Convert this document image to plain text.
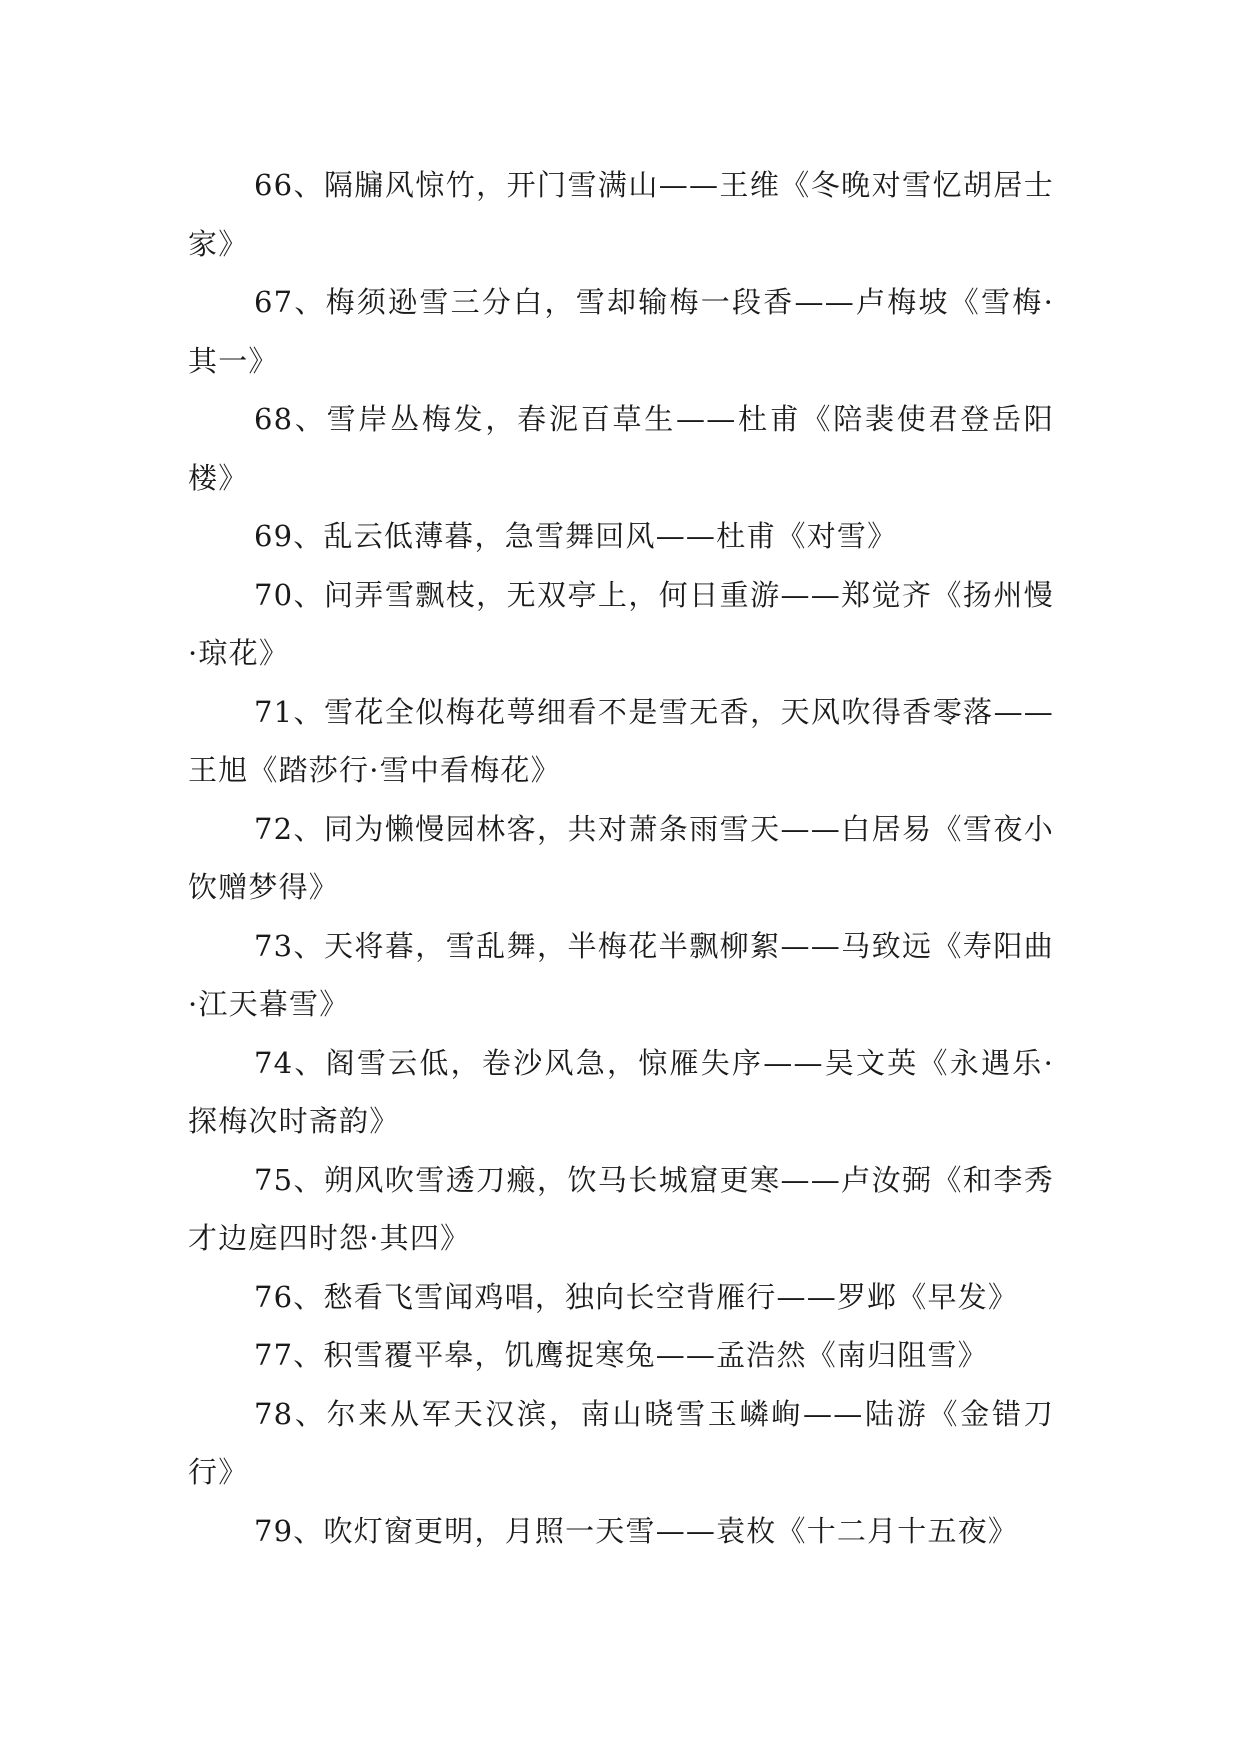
66、隔牖风惊竹，开门雪满山——王维《冬晚对雪忆胡居士家》

67、梅须逊雪三分白，雪却输梅一段香——卢梅坡《雪梅·其一》

68、雪岸丛梅发，春泥百草生——杜甫《陪裴使君登岳阳楼》

69、乱云低薄暮，急雪舞回风——杜甫《对雪》

70、问弄雪飘枝，无双亭上，何日重游——郑觉齐《扬州慢·琼花》

71、雪花全似梅花萼细看不是雪无香，天风吹得香零落——王旭《踏莎行·雪中看梅花》

72、同为懒慢园林客，共对萧条雨雪天——白居易《雪夜小饮赠梦得》

73、天将暮，雪乱舞，半梅花半飘柳絮——马致远《寿阳曲·江天暮雪》

74、阁雪云低，卷沙风急，惊雁失序——吴文英《永遇乐·探梅次时斋韵》

75、朔风吹雪透刀瘢，饮马长城窟更寒——卢汝弼《和李秀才边庭四时怨·其四》

76、愁看飞雪闻鸡唱，独向长空背雁行——罗邺《早发》

77、积雪覆平皋，饥鹰捉寒兔——孟浩然《南归阻雪》

78、尔来从军天汉滨，南山晓雪玉嶙峋——陆游《金错刀行》

79、吹灯窗更明，月照一天雪——袁枚《十二月十五夜》
